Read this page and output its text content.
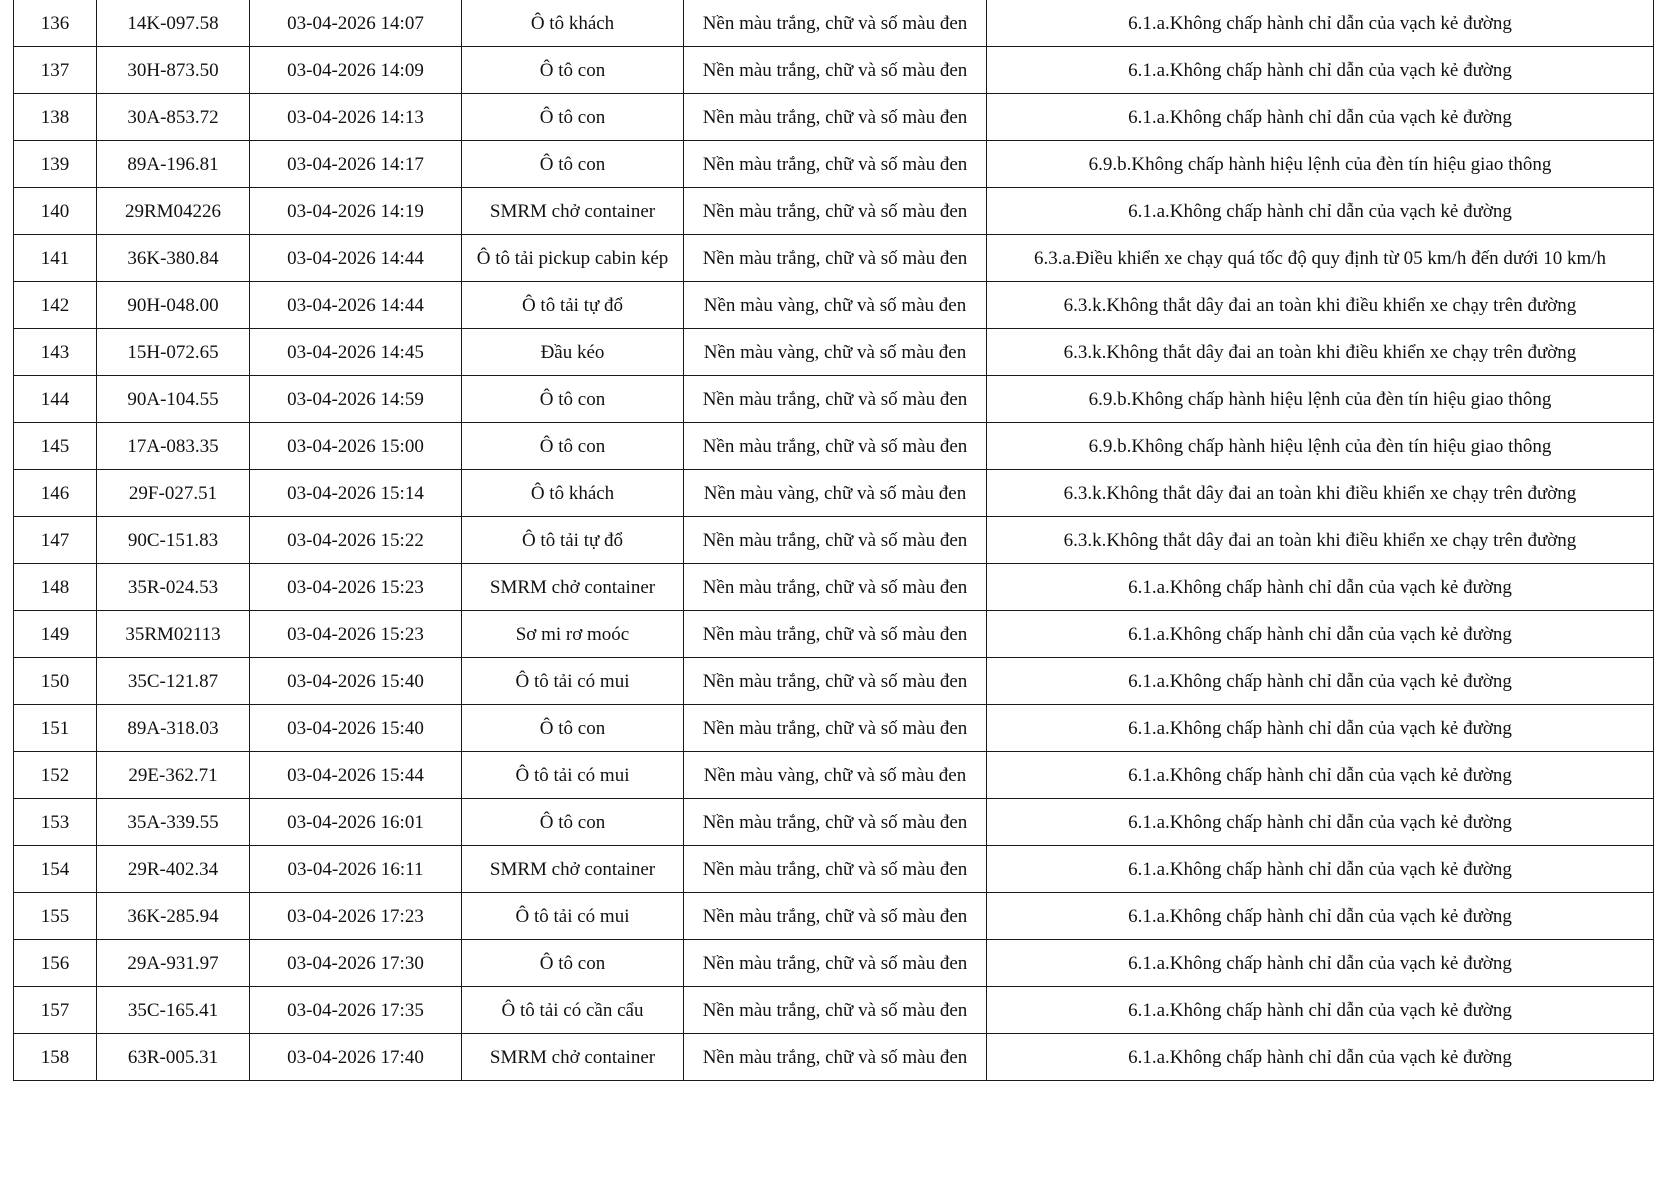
136	14K-097.58	03-04-2026 14:07	Ô tô khách	Nền màu trắng, chữ và số màu đen	6.1.a.Không chấp hành chỉ dẫn của vạch kẻ đường
137	30H-873.50	03-04-2026 14:09	Ô tô con	Nền màu trắng, chữ và số màu đen	6.1.a.Không chấp hành chỉ dẫn của vạch kẻ đường
138	30A-853.72	03-04-2026 14:13	Ô tô con	Nền màu trắng, chữ và số màu đen	6.1.a.Không chấp hành chỉ dẫn của vạch kẻ đường
139	89A-196.81	03-04-2026 14:17	Ô tô con	Nền màu trắng, chữ và số màu đen	6.9.b.Không chấp hành hiệu lệnh của đèn tín hiệu giao thông
140	29RM04226	03-04-2026 14:19	SMRM chở container	Nền màu trắng, chữ và số màu đen	6.1.a.Không chấp hành chỉ dẫn của vạch kẻ đường
141	36K-380.84	03-04-2026 14:44	Ô tô tải pickup cabin kép	Nền màu trắng, chữ và số màu đen	6.3.a.Điều khiển xe chạy quá tốc độ quy định từ 05 km/h đến dưới 10 km/h
142	90H-048.00	03-04-2026 14:44	Ô tô tải tự đổ	Nền màu vàng, chữ và số màu đen	6.3.k.Không thắt dây đai an toàn khi điều khiển xe chạy trên đường
143	15H-072.65	03-04-2026 14:45	Đầu kéo	Nền màu vàng, chữ và số màu đen	6.3.k.Không thắt dây đai an toàn khi điều khiển xe chạy trên đường
144	90A-104.55	03-04-2026 14:59	Ô tô con	Nền màu trắng, chữ và số màu đen	6.9.b.Không chấp hành hiệu lệnh của đèn tín hiệu giao thông
145	17A-083.35	03-04-2026 15:00	Ô tô con	Nền màu trắng, chữ và số màu đen	6.9.b.Không chấp hành hiệu lệnh của đèn tín hiệu giao thông
146	29F-027.51	03-04-2026 15:14	Ô tô khách	Nền màu vàng, chữ và số màu đen	6.3.k.Không thắt dây đai an toàn khi điều khiển xe chạy trên đường
147	90C-151.83	03-04-2026 15:22	Ô tô tải tự đổ	Nền màu trắng, chữ và số màu đen	6.3.k.Không thắt dây đai an toàn khi điều khiển xe chạy trên đường
148	35R-024.53	03-04-2026 15:23	SMRM chở container	Nền màu trắng, chữ và số màu đen	6.1.a.Không chấp hành chỉ dẫn của vạch kẻ đường
149	35RM02113	03-04-2026 15:23	Sơ mi rơ moóc	Nền màu trắng, chữ và số màu đen	6.1.a.Không chấp hành chỉ dẫn của vạch kẻ đường
150	35C-121.87	03-04-2026 15:40	Ô tô tải có mui	Nền màu trắng, chữ và số màu đen	6.1.a.Không chấp hành chỉ dẫn của vạch kẻ đường
151	89A-318.03	03-04-2026 15:40	Ô tô con	Nền màu trắng, chữ và số màu đen	6.1.a.Không chấp hành chỉ dẫn của vạch kẻ đường
152	29E-362.71	03-04-2026 15:44	Ô tô tải có mui	Nền màu vàng, chữ và số màu đen	6.1.a.Không chấp hành chỉ dẫn của vạch kẻ đường
153	35A-339.55	03-04-2026 16:01	Ô tô con	Nền màu trắng, chữ và số màu đen	6.1.a.Không chấp hành chỉ dẫn của vạch kẻ đường
154	29R-402.34	03-04-2026 16:11	SMRM chở container	Nền màu trắng, chữ và số màu đen	6.1.a.Không chấp hành chỉ dẫn của vạch kẻ đường
155	36K-285.94	03-04-2026 17:23	Ô tô tải có mui	Nền màu trắng, chữ và số màu đen	6.1.a.Không chấp hành chỉ dẫn của vạch kẻ đường
156	29A-931.97	03-04-2026 17:30	Ô tô con	Nền màu trắng, chữ và số màu đen	6.1.a.Không chấp hành chỉ dẫn của vạch kẻ đường
157	35C-165.41	03-04-2026 17:35	Ô tô tải có cần cẩu	Nền màu trắng, chữ và số màu đen	6.1.a.Không chấp hành chỉ dẫn của vạch kẻ đường
158	63R-005.31	03-04-2026 17:40	SMRM chở container	Nền màu trắng, chữ và số màu đen	6.1.a.Không chấp hành chỉ dẫn của vạch kẻ đường
